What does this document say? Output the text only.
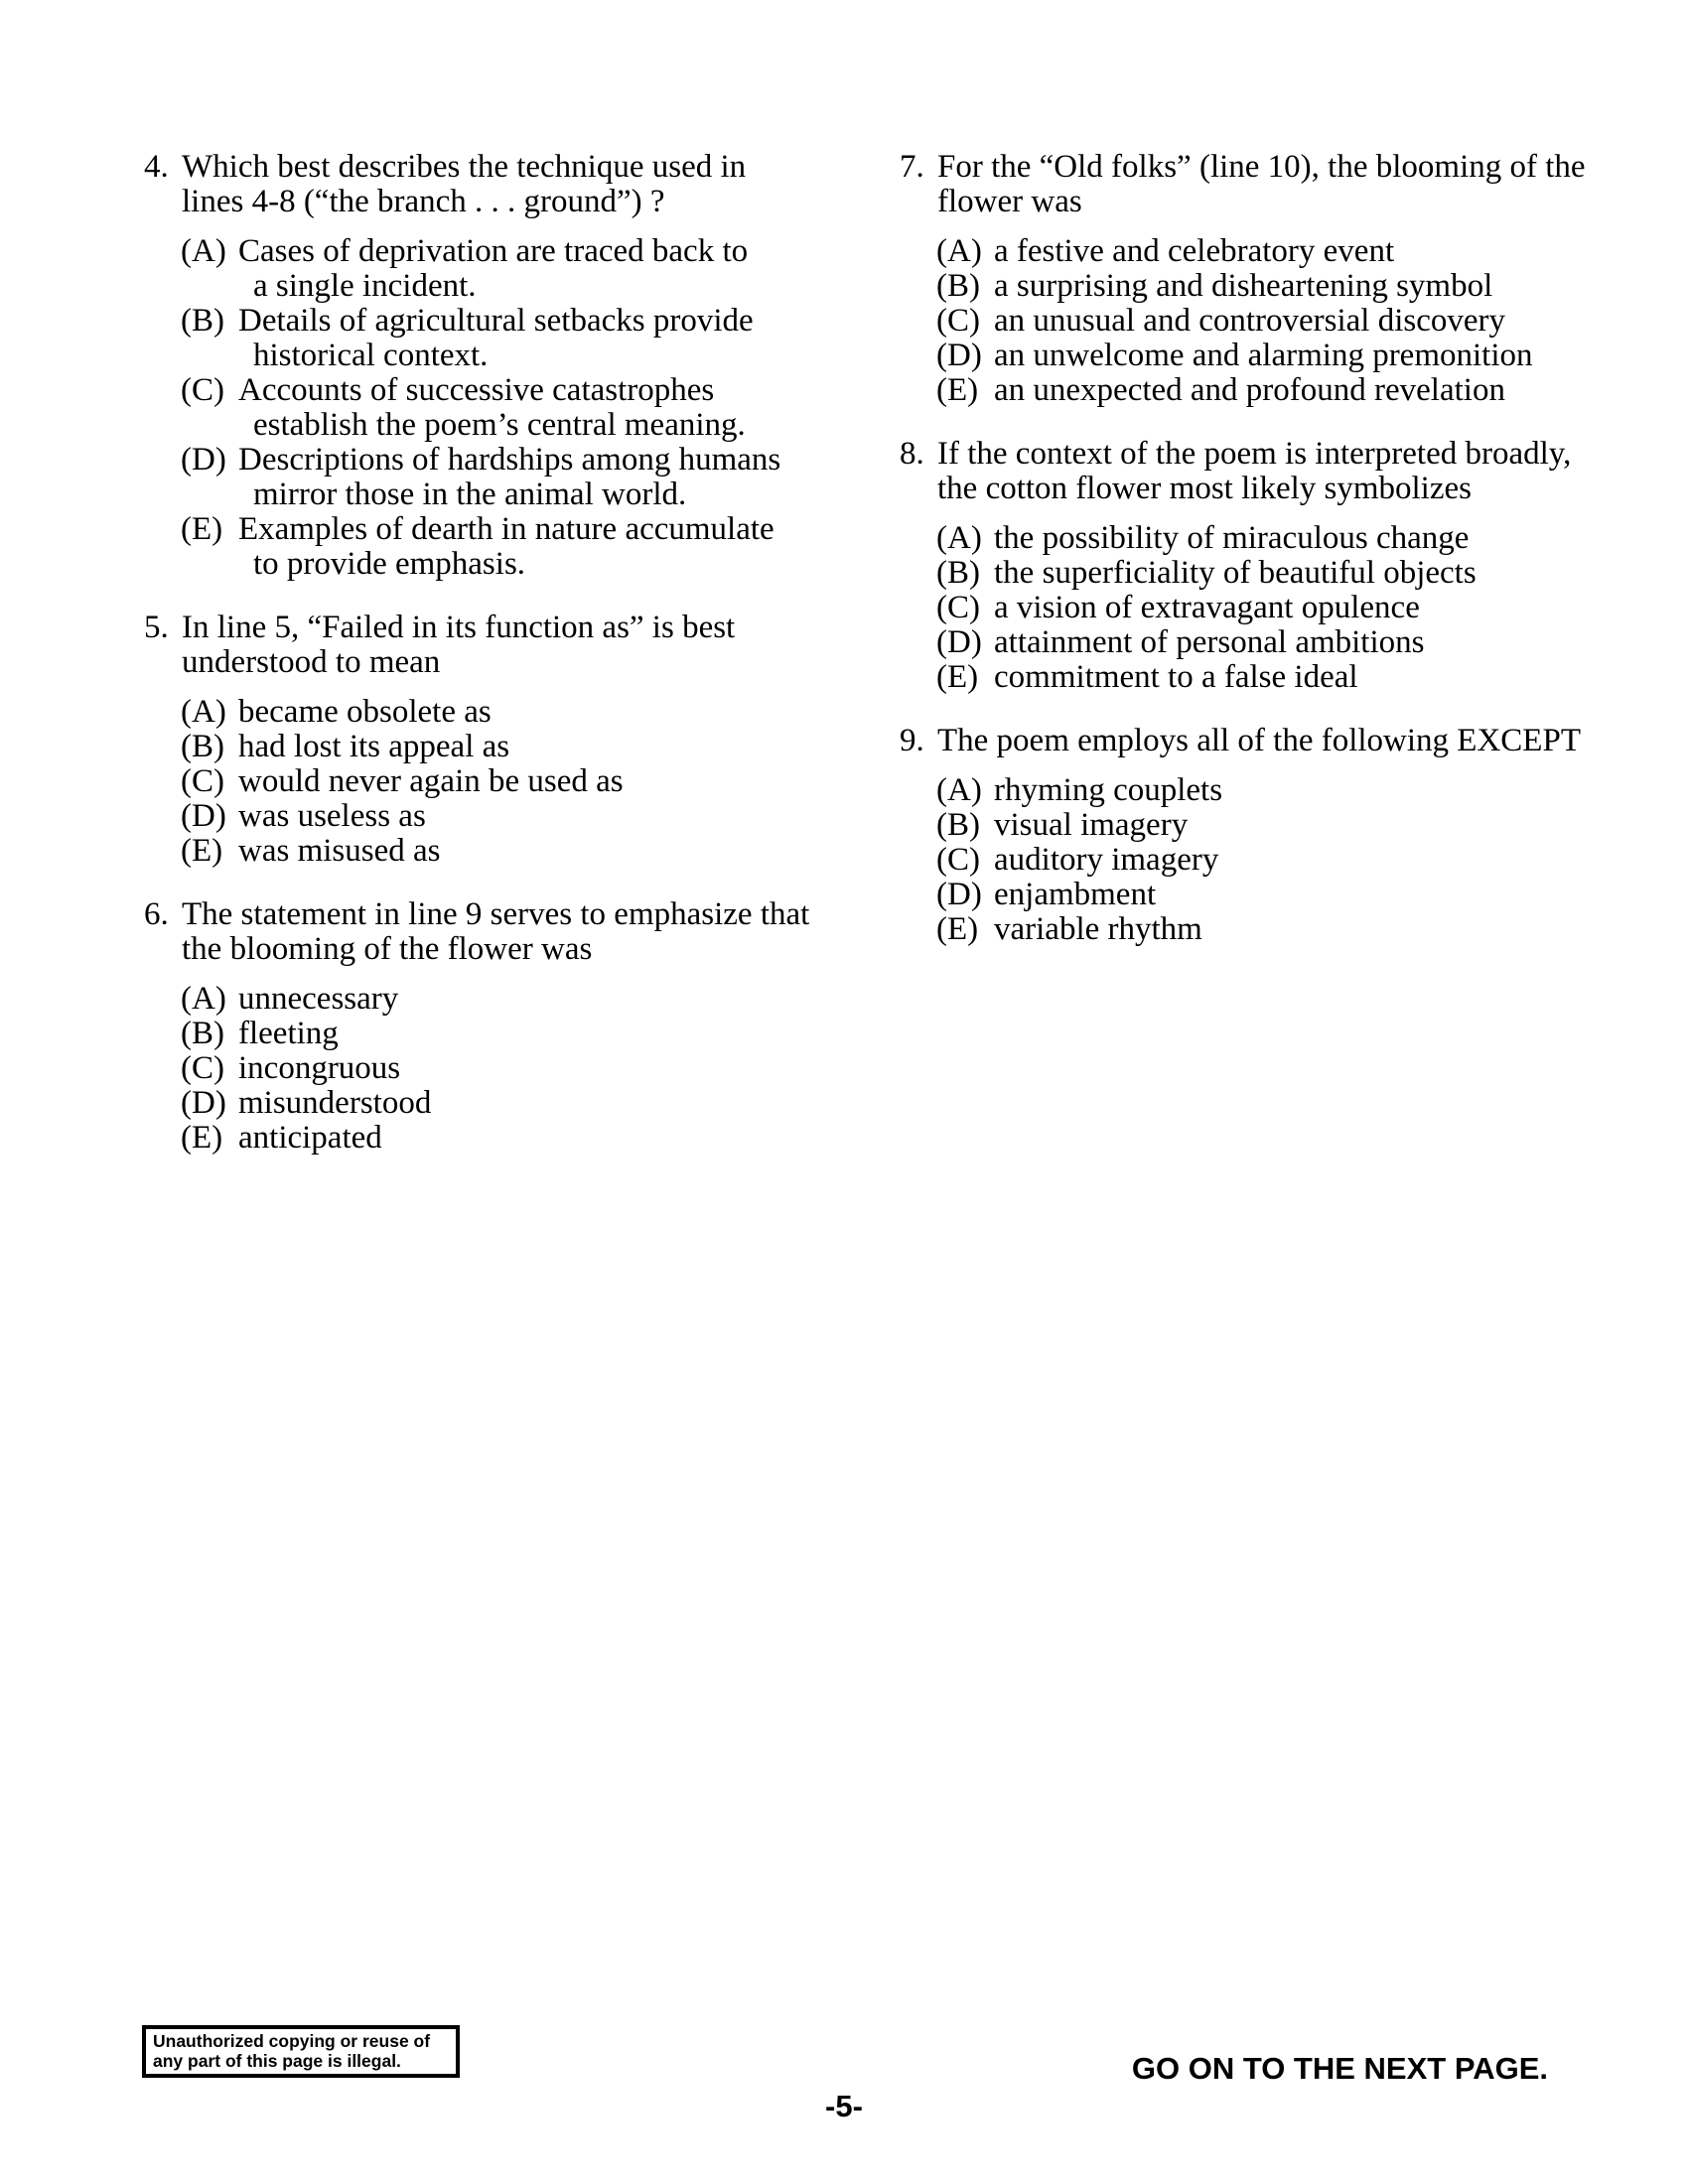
4. Which best describes the technique used in
lines 4-8 (“the branch . . . ground”) ?
(A) Cases of deprivation are traced back to
a single incident.
(B) Details of agricultural setbacks provide
historical context.
(C) Accounts of successive catastrophes
establish the poem’s central meaning.
(D) Descriptions of hardships among humans
mirror those in the animal world.
(E) Examples of dearth in nature accumulate
to provide emphasis.
5. In line 5, “Failed in its function as” is best
understood to mean
(A) became obsolete as
(B) had lost its appeal as
(C) would never again be used as
(D) was useless as
(E) was misused as
6. The statement in line 9 serves to emphasize that
the blooming of the flower was
(A) unnecessary
(B) fleeting
(C) incongruous
(D) misunderstood
(E) anticipated
7. For the “Old folks” (line 10), the blooming of the
flower was
(A) a festive and celebratory event
(B) a surprising and disheartening symbol
(C) an unusual and controversial discovery
(D) an unwelcome and alarming premonition
(E) an unexpected and profound revelation
8. If the context of the poem is interpreted broadly,
the cotton flower most likely symbolizes
(A) the possibility of miraculous change
(B) the superficiality of beautiful objects
(C) a vision of extravagant opulence
(D) attainment of personal ambitions
(E) commitment to a false ideal
9. The poem employs all of the following EXCEPT
(A) rhyming couplets
(B) visual imagery
(C) auditory imagery
(D) enjambment
(E) variable rhythm
Unauthorized copying or reuse of
any part of this page is illegal.	GO ON TO THE NEXT PAGE.
-5-
